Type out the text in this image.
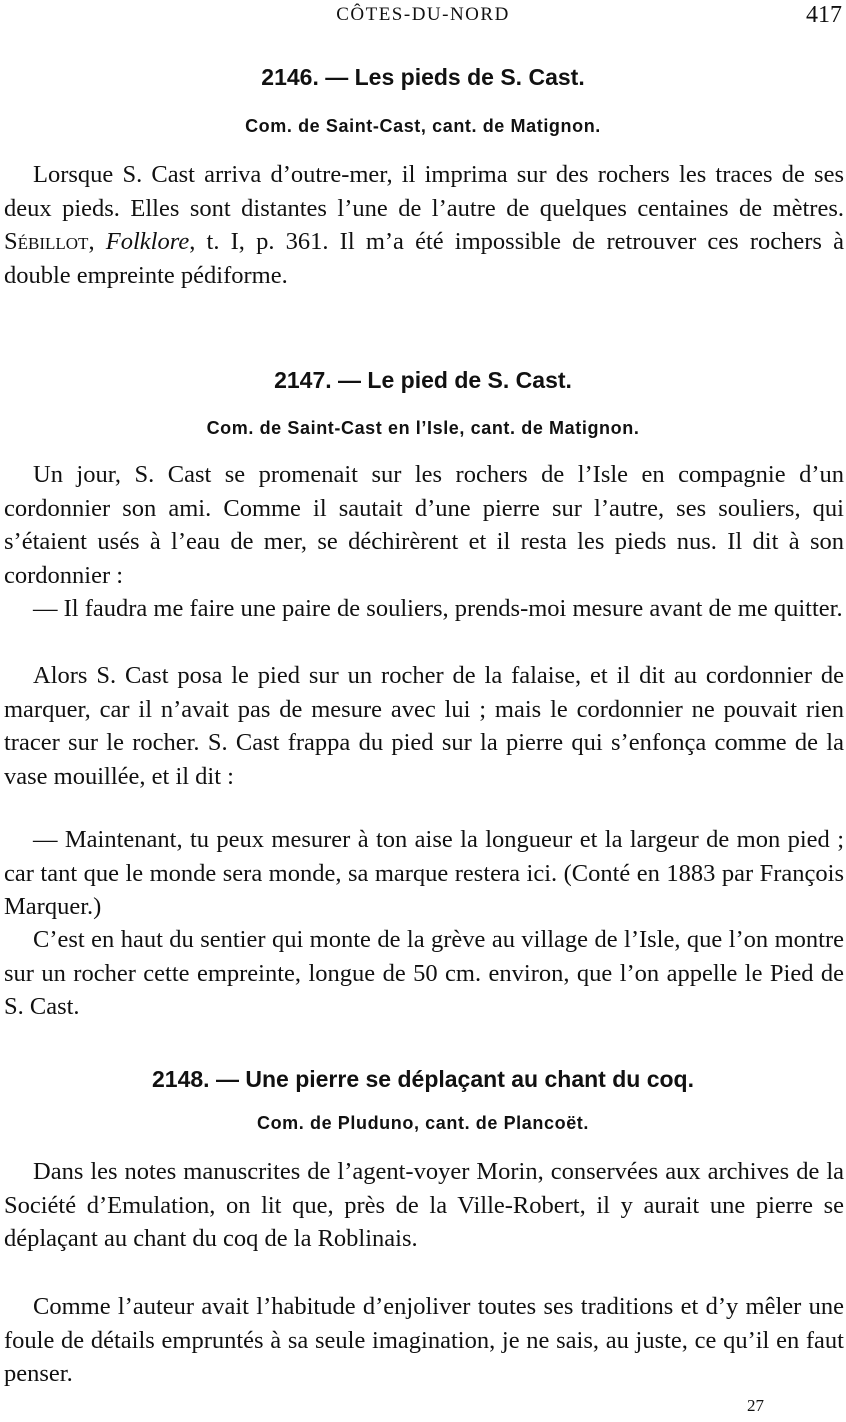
CÔTES-DU-NORD	417
2146. — Les pieds de S. Cast.
Com. de Saint-Cast, cant. de Matignon.

Lorsque S. Cast arriva d’outre-mer, il imprima sur des rochers les traces de ses deux pieds. Elles sont distantes l’une de l’autre de quelques centaines de mètres. Sébillot, Folklore, t. I, p. 361. Il m’a été impossible de retrouver ces rochers à double empreinte pédiforme.

2147. — Le pied de S. Cast.
Com. de Saint-Cast en l’Isle, cant. de Matignon.

Un jour, S. Cast se promenait sur les rochers de l’Isle en compagnie d’un cordonnier son ami. Comme il sautait d’une pierre sur l’autre, ses souliers, qui s’étaient usés à l’eau de mer, se déchirèrent et il resta les pieds nus. Il dit à son cordonnier :

— Il faudra me faire une paire de souliers, prends-moi mesure avant de me quitter.

Alors S. Cast posa le pied sur un rocher de la falaise, et il dit au cordonnier de marquer, car il n’avait pas de mesure avec lui ; mais le cordonnier ne pouvait rien tracer sur le rocher. S. Cast frappa du pied sur la pierre qui s’enfonça comme de la vase mouillée, et il dit :

— Maintenant, tu peux mesurer à ton aise la longueur et la largeur de mon pied ; car tant que le monde sera monde, sa marque restera ici. (Conté en 1883 par François Marquer.)

C’est en haut du sentier qui monte de la grève au village de l’Isle, que l’on montre sur un rocher cette empreinte, longue de 50 cm. environ, que l’on appelle le Pied de S. Cast.

2148. — Une pierre se déplaçant au chant du coq.
Com. de Pluduno, cant. de Plancoët.

Dans les notes manuscrites de l’agent-voyer Morin, conservées aux archives de la Société d’Emulation, on lit que, près de la Ville-Robert, il y aurait une pierre se déplaçant au chant du coq de la Roblinais.

Comme l’auteur avait l’habitude d’enjoliver toutes ses traditions et d’y mêler une foule de détails empruntés à sa seule imagination, je ne sais, au juste, ce qu’il en faut penser.

27
